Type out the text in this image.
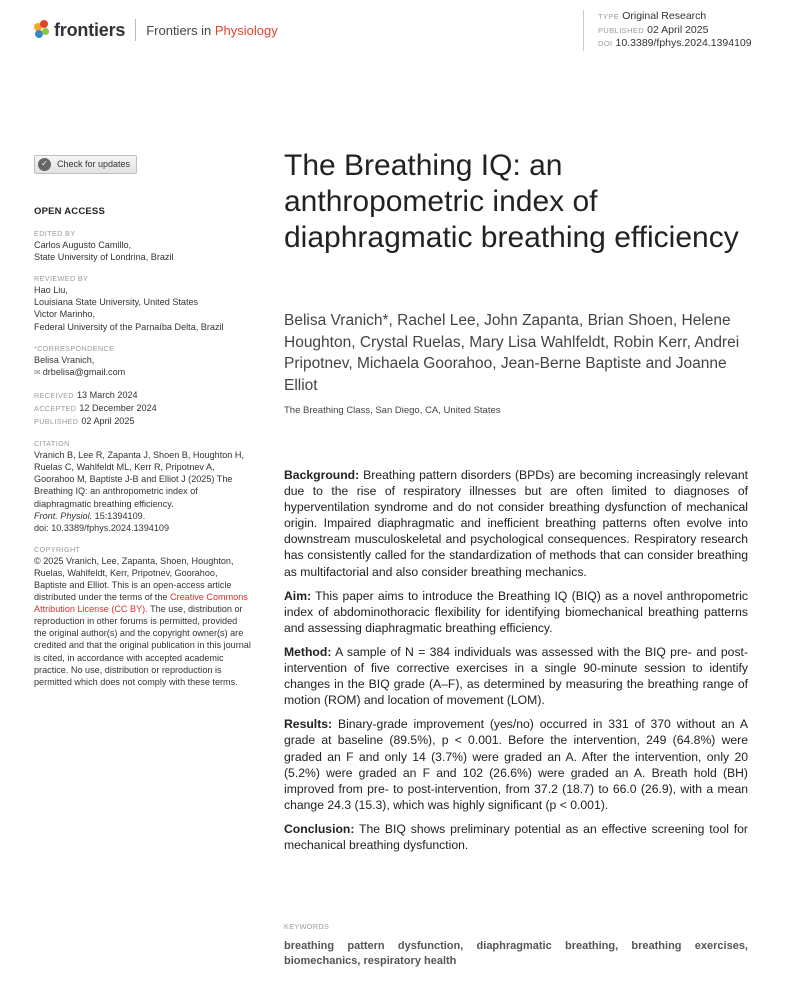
frontiers Frontiers in Physiology
TYPE Original Research
PUBLISHED 02 April 2025
DOI 10.3389/fphys.2024.1394109
✓	Check for updates
OPEN ACCESS
EDITED BY
Carlos Augusto Camillo,
State University of Londrina, Brazil
REVIEWED BY
Hao Liu,
Louisiana State University, United States
Victor Marinho,
Federal University of the Parnaíba Delta, Brazil
*CORRESPONDENCE
Belisa Vranich,
✉ drbelisa@gmail.com
RECEIVED 13 March 2024
ACCEPTED 12 December 2024
PUBLISHED 02 April 2025
CITATION
Vranich B, Lee R, Zapanta J, Shoen B, Houghton H, Ruelas C, Wahlfeldt ML, Kerr R, Pripotnev A, Goorahoo M, Baptiste J-B and Elliot J (2025) The Breathing IQ: an anthropometric index of diaphragmatic breathing efficiency.
Front. Physiol. 15:1394109.
doi: 10.3389/fphys.2024.1394109
COPYRIGHT
© 2025 Vranich, Lee, Zapanta, Shoen, Houghton, Ruelas, Wahlfeldt, Kerr, Pripotnev, Goorahoo, Baptiste and Elliot. This is an open-access article distributed under the terms of the Creative Commons Attribution License (CC BY). The use, distribution or reproduction in other forums is permitted, provided the original author(s) and the copyright owner(s) are credited and that the original publication in this journal is cited, in accordance with accepted academic practice. No use, distribution or reproduction is permitted which does not comply with these terms.
The Breathing IQ: an anthropometric index of diaphragmatic breathing efficiency
Belisa Vranich*, Rachel Lee, John Zapanta, Brian Shoen, Helene Houghton, Crystal Ruelas, Mary Lisa Wahlfeldt, Robin Kerr, Andrei Pripotnev, Michaela Goorahoo, Jean-Berne Baptiste and Joanne Elliot
The Breathing Class, San Diego, CA, United States

Background: Breathing pattern disorders (BPDs) are becoming increasingly relevant due to the rise of respiratory illnesses but are often limited to diagnoses of hyperventilation syndrome and do not consider breathing dysfunction of mechanical origin. Impaired diaphragmatic and inefficient breathing patterns often evolve into downstream musculoskeletal and psychological consequences. Respiratory research has consistently called for the standardization of methods that can consider breathing as multifactorial and also consider breathing mechanics.

Aim: This paper aims to introduce the Breathing IQ (BIQ) as a novel anthropometric index of abdominothoracic flexibility for identifying biomechanical breathing patterns and assessing diaphragmatic breathing efficiency.

Method: A sample of N = 384 individuals was assessed with the BIQ pre- and post-intervention of five corrective exercises in a single 90-minute session to identify changes in the BIQ grade (A–F), as determined by measuring the breathing range of motion (ROM) and location of movement (LOM).

Results: Binary-grade improvement (yes/no) occurred in 331 of 370 without an A grade at baseline (89.5%), p < 0.001. Before the intervention, 249 (64.8%) were graded an F and only 14 (3.7%) were graded an A. After the intervention, only 20 (5.2%) were graded an F and 102 (26.6%) were graded an A. Breath hold (BH) improved from pre- to post-intervention, from 37.2 (18.7) to 66.0 (26.9), with a mean change 24.3 (15.3), which was highly significant (p < 0.001).

Conclusion: The BIQ shows preliminary potential as an effective screening tool for mechanical breathing dysfunction.

KEYWORDS
breathing pattern dysfunction, diaphragmatic breathing, breathing exercises, biomechanics, respiratory health
